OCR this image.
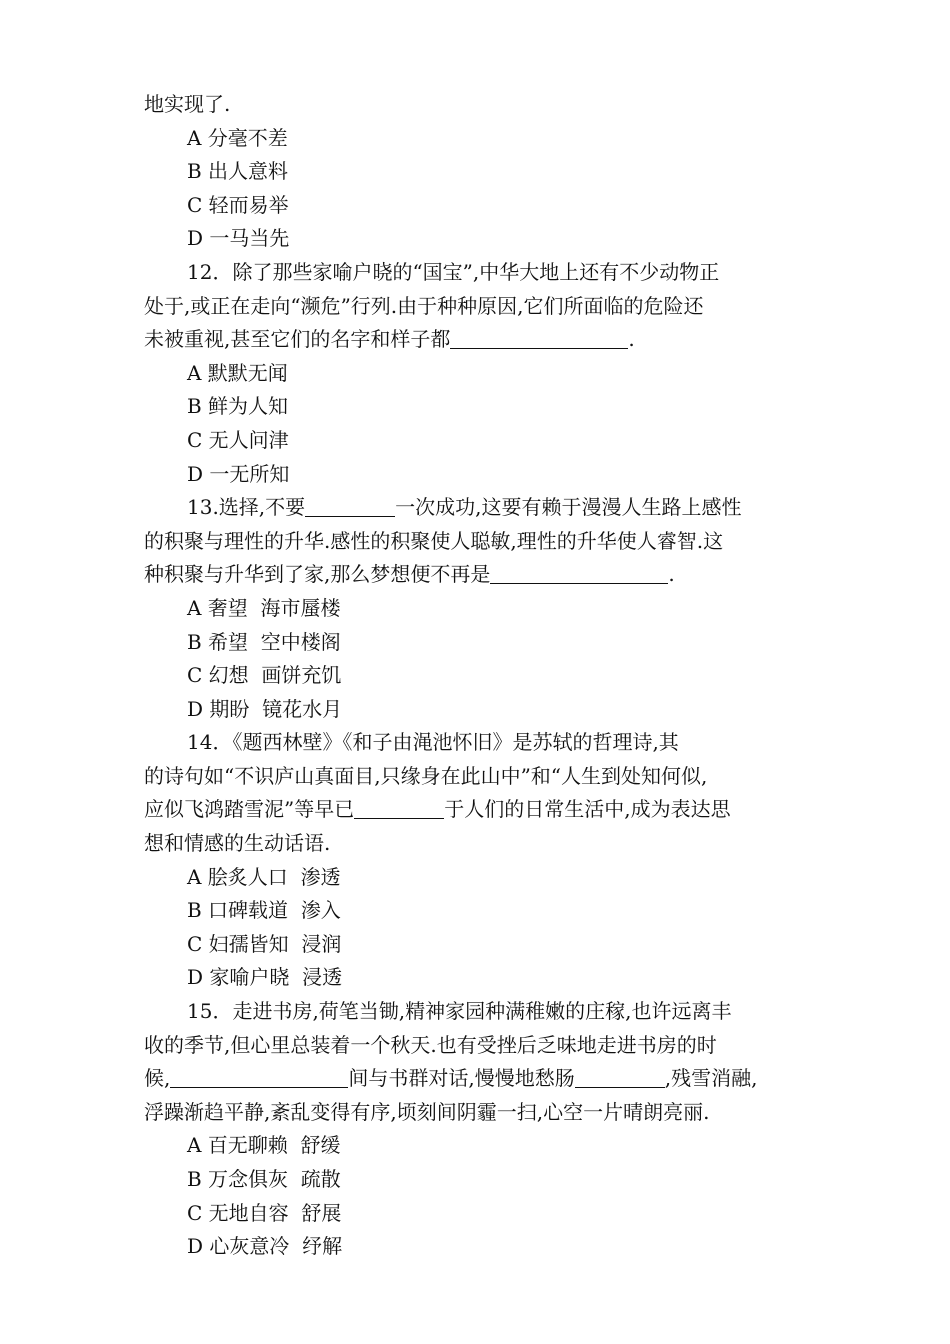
地实现了.
A 分毫不差
B 出人意料
C 轻而易举
D 一马当先
12．除了那些家喻户晓的“国宝”,中华大地上还有不少动物正
处于,或正在走向“濒危”行列.由于种种原因,它们所面临的危险还
未被重视,甚至它们的名字和样子都	.
A 默默无闻
B 鲜为人知
C 无人问津
D 一无所知
13.选择,不要	一次成功,这要有赖于漫漫人生路上感性
的积聚与理性的升华.感性的积聚使人聪敏,理性的升华使人睿智.这
种积聚与升华到了家,那么梦想便不再是	.
A 奢望  海市蜃楼
B 希望  空中楼阁
C 幻想  画饼充饥
D 期盼  镜花水月
14．《题西林壁》《和子由渑池怀旧》是苏轼的哲理诗,其
的诗句如“不识庐山真面目,只缘身在此山中”和“人生到处知何似,
应似飞鸿踏雪泥”等早已	于人们的日常生活中,成为表达思
想和情感的生动话语.
A 脍炙人口  渗透
B 口碑载道  渗入
C 妇孺皆知  浸润
D 家喻户晓  浸透
15．走进书房,荷笔当锄,精神家园种满稚嫩的庄稼,也许远离丰
收的季节,但心里总装着一个秋天.也有受挫后乏味地走进书房的时
候,	间与书群对话,慢慢地愁肠	,残雪消融,
浮躁渐趋平静,紊乱变得有序,顷刻间阴霾一扫,心空一片晴朗亮丽.
A 百无聊赖  舒缓
B 万念俱灰  疏散
C 无地自容  舒展
D 心灰意冷  纾解
